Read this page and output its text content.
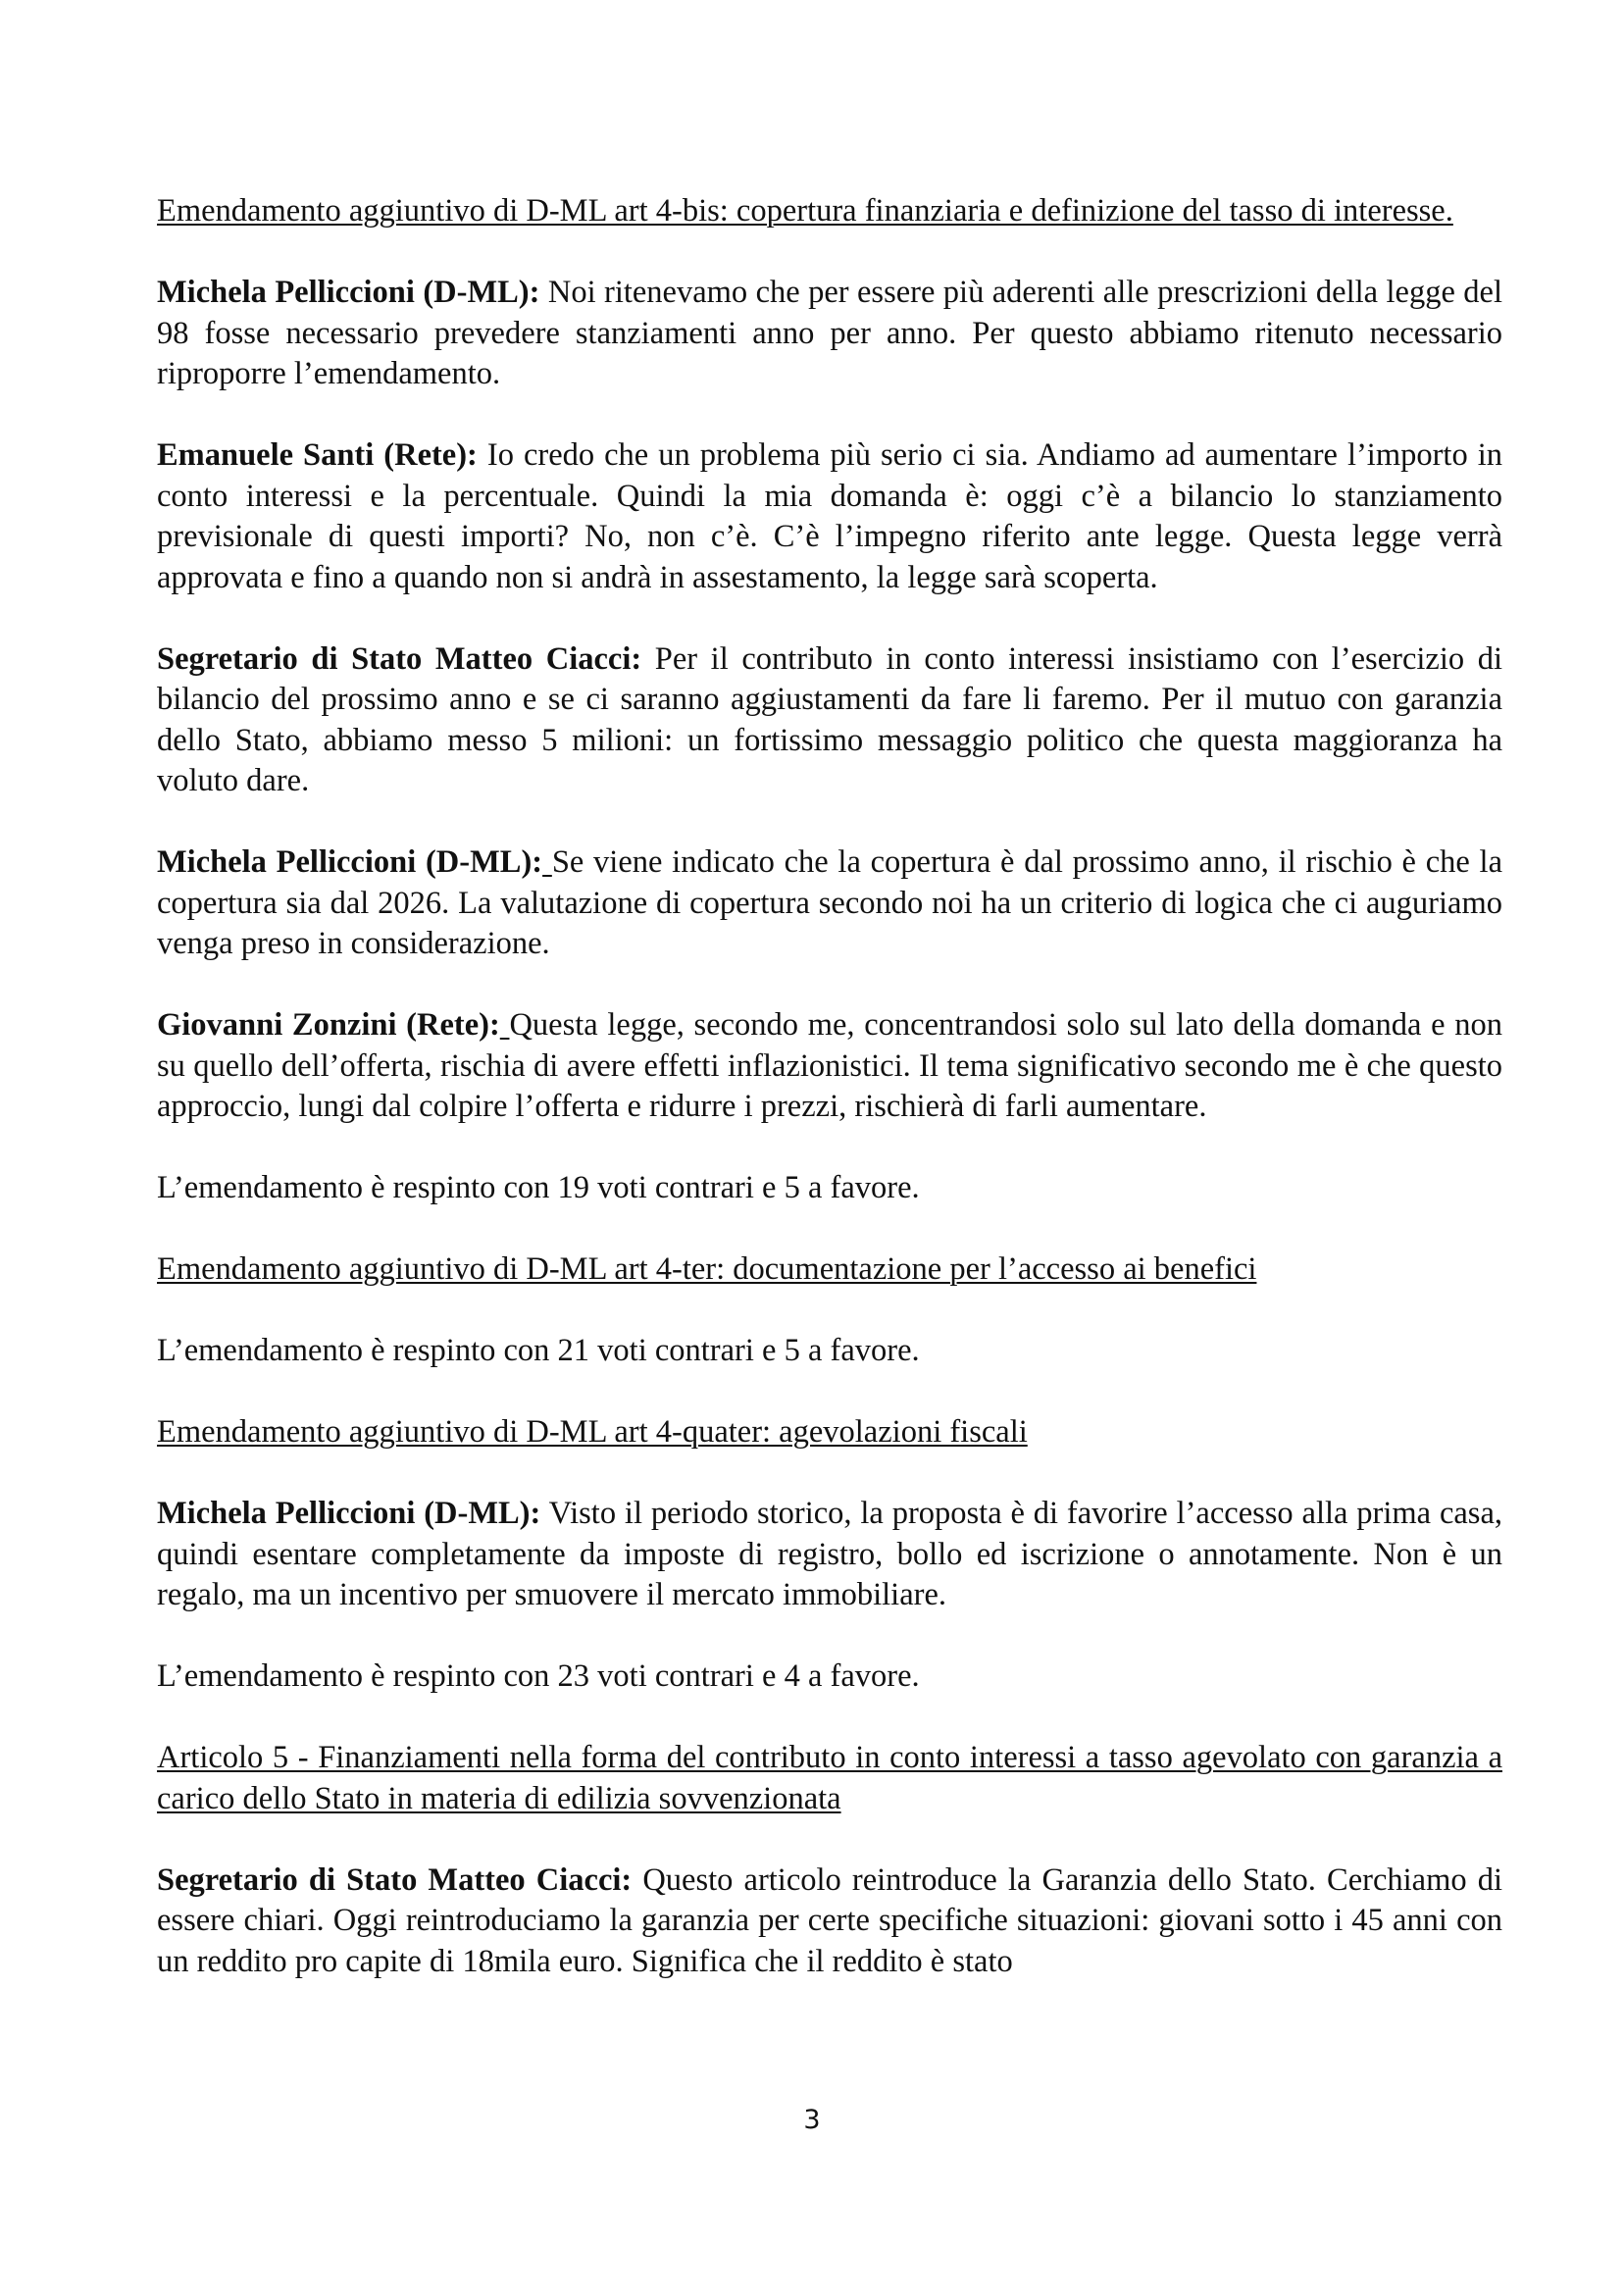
Emendamento aggiuntivo di D-ML art 4-bis: copertura finanziaria e definizione del tasso di interesse.

Michela Pelliccioni (D-ML): Noi ritenevamo che per essere più aderenti alle prescrizioni della legge del 98 fosse necessario prevedere stanziamenti anno per anno. Per questo abbiamo ritenuto necessario riproporre l’emendamento.

Emanuele Santi (Rete): Io credo che un problema più serio ci sia. Andiamo ad aumentare l’importo in conto interessi e la percentuale. Quindi la mia domanda è: oggi c’è a bilancio lo stanziamento previsionale di questi importi? No, non c’è. C’è l’impegno riferito ante legge. Questa legge verrà approvata e fino a quando non si andrà in assestamento, la legge sarà scoperta.

Segretario di Stato Matteo Ciacci: Per il contributo in conto interessi insistiamo con l’esercizio di bilancio del prossimo anno e se ci saranno aggiustamenti da fare li faremo. Per il mutuo con garanzia dello Stato, abbiamo messo 5 milioni: un fortissimo messaggio politico che questa maggioranza ha voluto dare.

Michela Pelliccioni (D-ML): Se viene indicato che la copertura è dal prossimo anno, il rischio è che la copertura sia dal 2026. La valutazione di copertura secondo noi ha un criterio di logica che ci auguriamo venga preso in considerazione.

Giovanni Zonzini (Rete): Questa legge, secondo me, concentrandosi solo sul lato della domanda e non su quello dell’offerta, rischia di avere effetti inflazionistici. Il tema significativo secondo me è che questo approccio, lungi dal colpire l’offerta e ridurre i prezzi, rischierà di farli aumentare.

L’emendamento è respinto con 19 voti contrari e 5 a favore.

Emendamento aggiuntivo di D-ML art 4-ter: documentazione per l’accesso ai benefici

L’emendamento è respinto con 21 voti contrari e 5 a favore.

Emendamento aggiuntivo di D-ML art 4-quater: agevolazioni fiscali

Michela Pelliccioni (D-ML): Visto il periodo storico, la proposta è di favorire l’accesso alla prima casa, quindi esentare completamente da imposte di registro, bollo ed iscrizione o annotamente. Non è un regalo, ma un incentivo per smuovere il mercato immobiliare.

L’emendamento è respinto con 23 voti contrari e 4 a favore.

Articolo 5 - Finanziamenti nella forma del contributo in conto interessi a tasso agevolato con garanzia a carico dello Stato in materia di edilizia sovvenzionata

Segretario di Stato Matteo Ciacci: Questo articolo reintroduce la Garanzia dello Stato. Cerchiamo di essere chiari. Oggi reintroduciamo la garanzia per certe specifiche situazioni: giovani sotto i 45 anni con un reddito pro capite di 18mila euro. Significa che il reddito è stato

3
